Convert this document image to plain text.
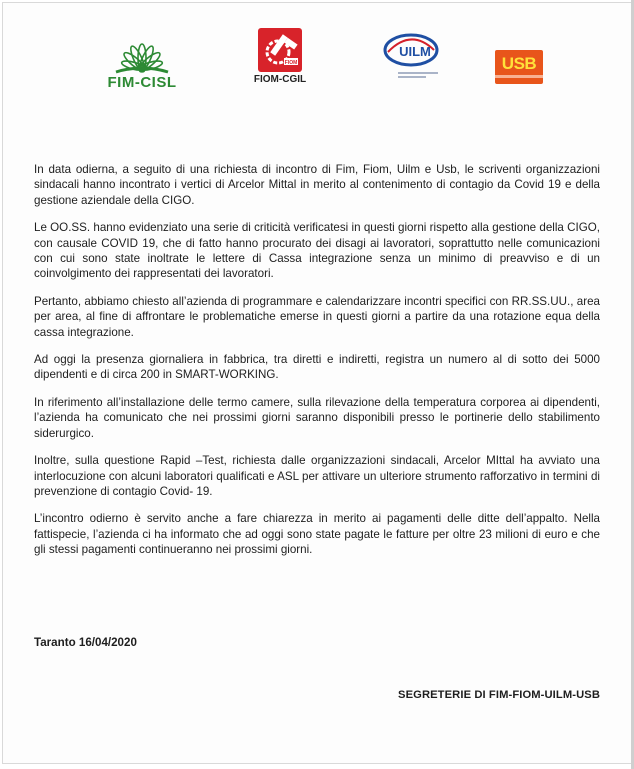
FIM-CISL
FIOM
FIOM-CGIL
UILM
USB

In data odierna, a seguito di una richiesta di incontro di Fim, Fiom, Uilm e Usb, le scriventi organizzazioni sindacali hanno incontrato i vertici di Arcelor Mittal in merito al contenimento di contagio da Covid 19 e della gestione aziendale della CIGO.

Le OO.SS. hanno evidenziato una serie di criticità verificatesi in questi giorni rispetto alla gestione della CIGO, con causale COVID 19, che di fatto hanno procurato dei disagi ai lavoratori, soprattutto nelle comunicazioni con cui sono state inoltrate le lettere di Cassa integrazione senza un minimo di preavviso e di un coinvolgimento dei rappresentati dei lavoratori.

Pertanto, abbiamo chiesto all’azienda di programmare e calendarizzare incontri specifici con RR.SS.UU., area per area, al fine di affrontare le problematiche emerse in questi giorni a partire da una rotazione equa della cassa integrazione.

Ad oggi la presenza giornaliera in fabbrica, tra diretti e indiretti, registra un numero al di sotto dei 5000 dipendenti e di circa 200 in SMART-WORKING.

In riferimento all’installazione delle termo camere, sulla rilevazione della temperatura corporea ai dipendenti, l’azienda ha comunicato che nei prossimi giorni saranno disponibili presso le portinerie dello stabilimento siderurgico.

Inoltre, sulla questione Rapid –Test, richiesta dalle organizzazioni sindacali, Arcelor MIttal ha avviato una interlocuzione con alcuni laboratori qualificati e ASL per attivare un ulteriore strumento rafforzativo in termini di prevenzione di contagio Covid- 19.

L’incontro odierno è servito anche a fare chiarezza in merito ai pagamenti delle ditte dell’appalto. Nella fattispecie, l’azienda ci ha informato che ad oggi sono state pagate le fatture per oltre 23 milioni di euro e che gli stessi pagamenti continueranno nei prossimi giorni.

Taranto 16/04/2020
SEGRETERIE DI FIM-FIOM-UILM-USB
